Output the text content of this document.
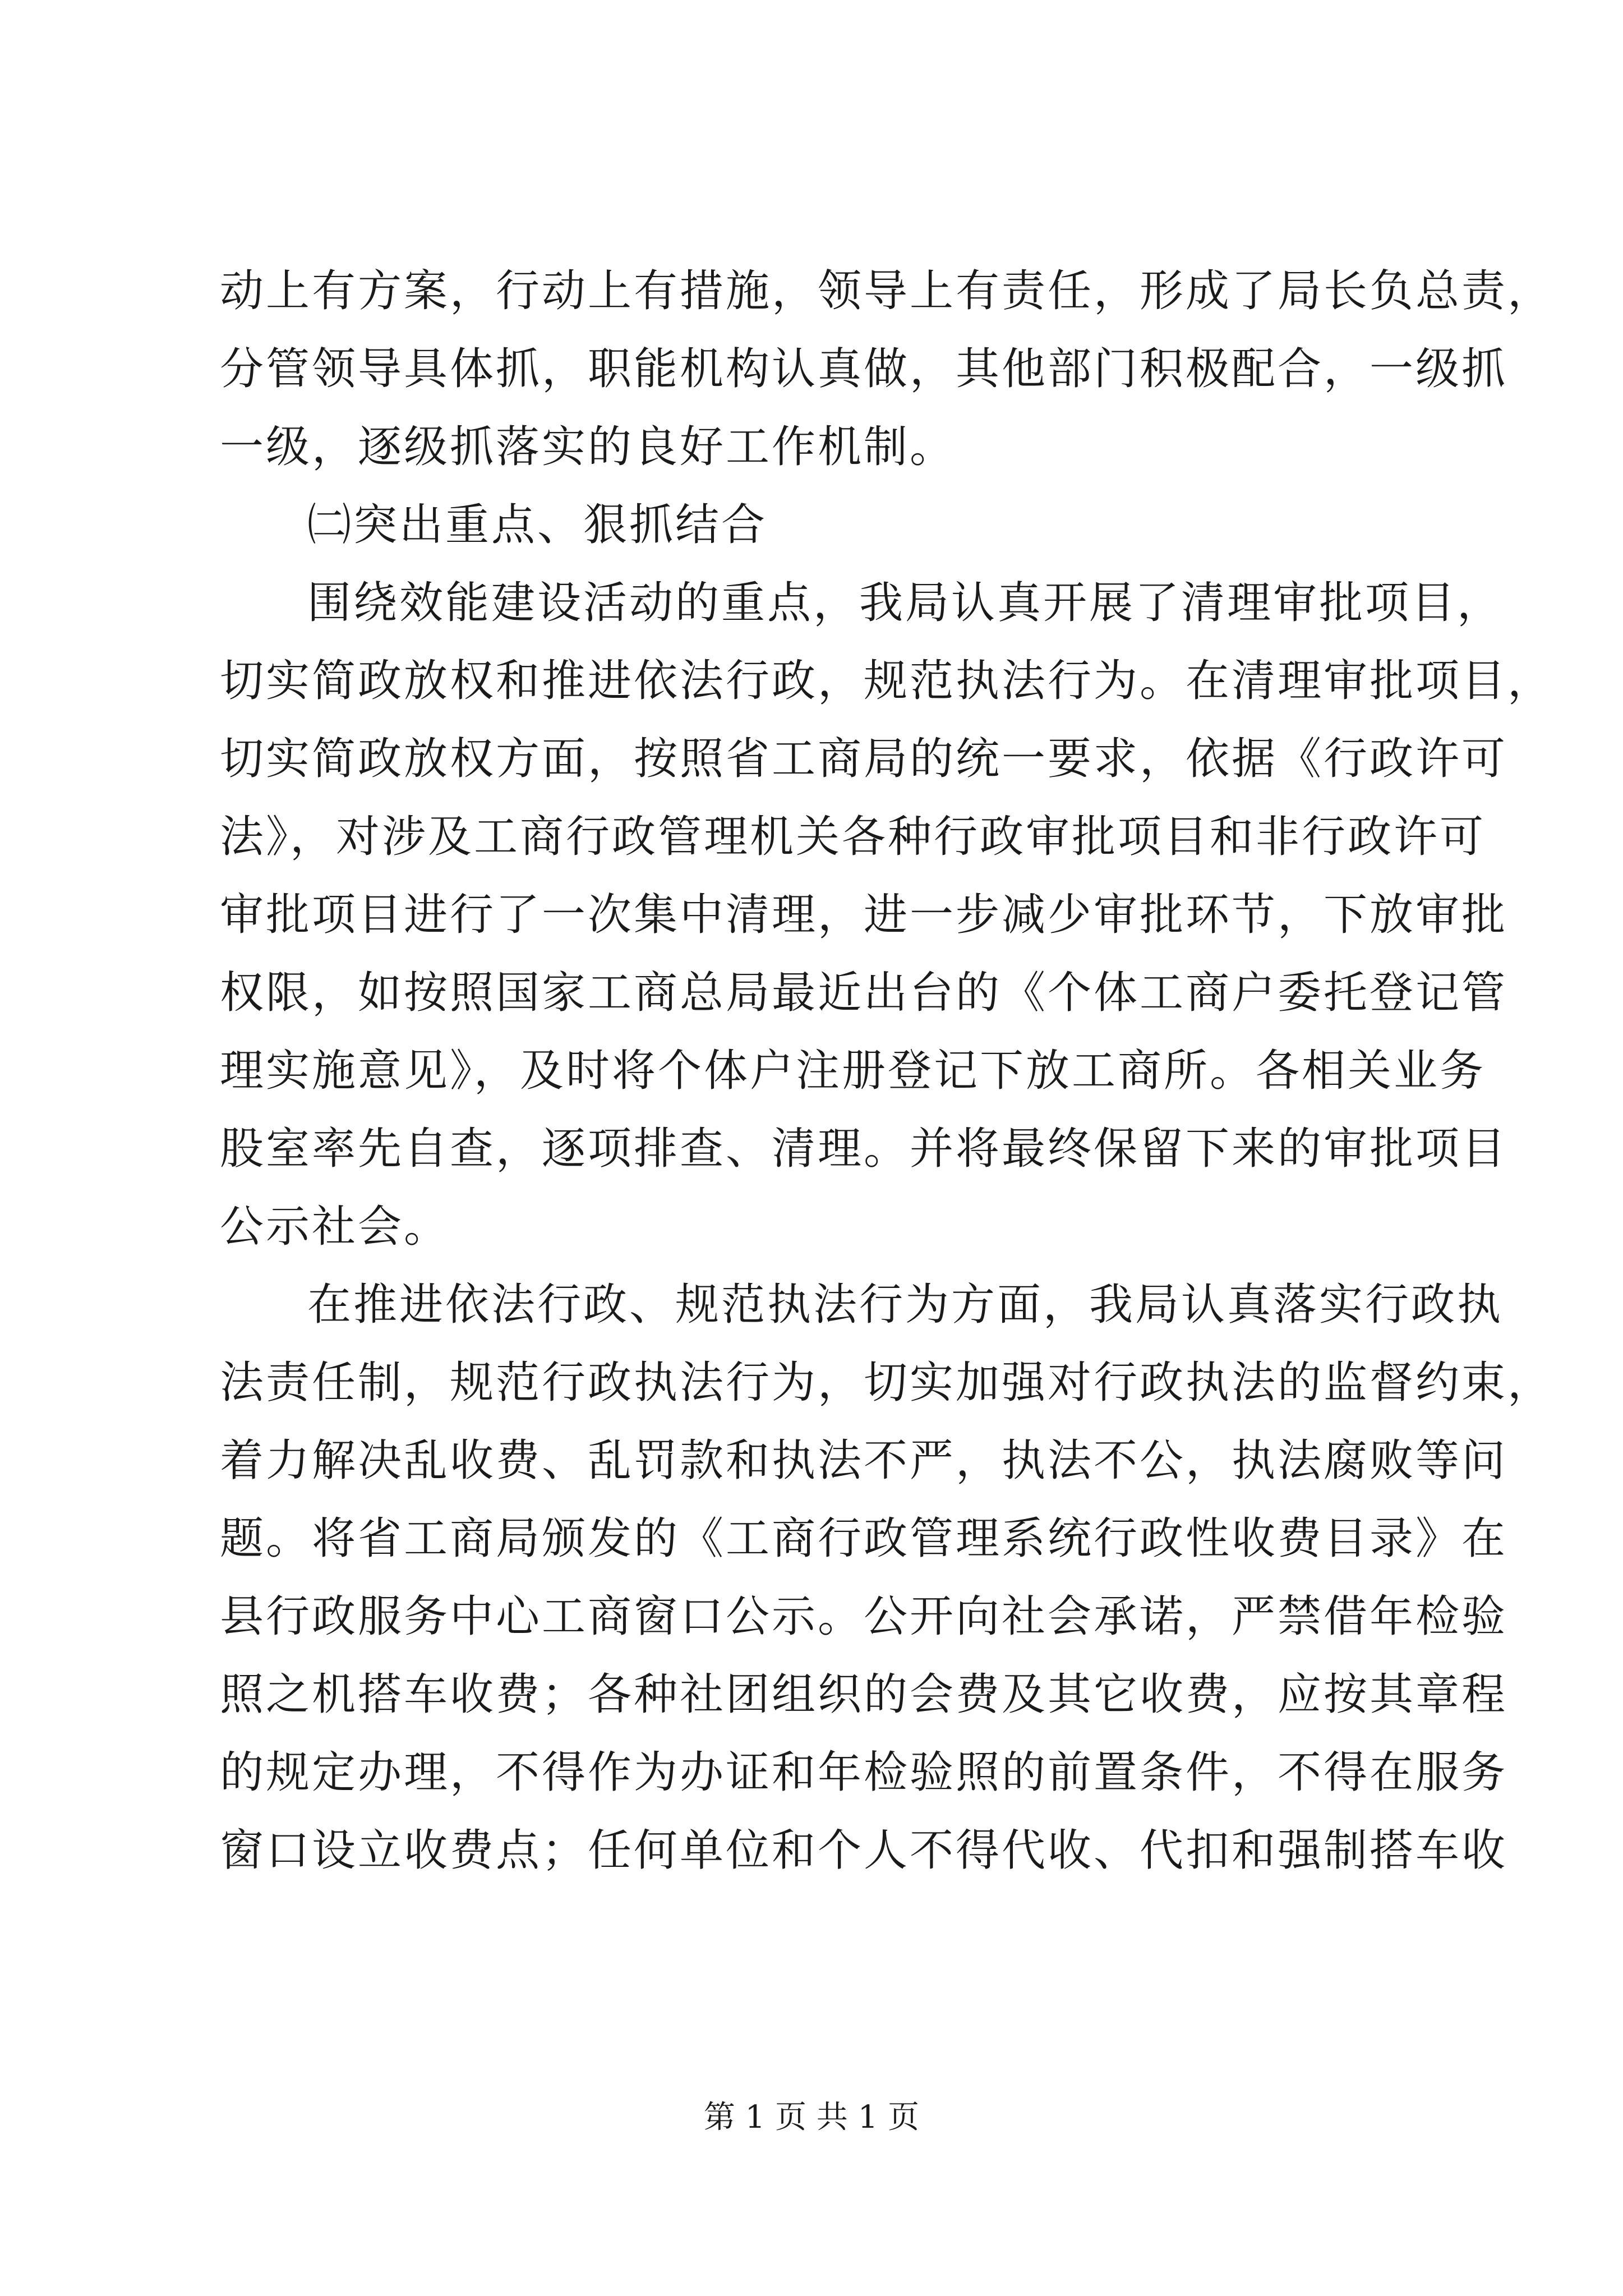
动上有方案，行动上有措施，领导上有责任，形成了局长负总责，
分管领导具体抓，职能机构认真做，其他部门积极配合，一级抓
一级，逐级抓落实的良好工作机制。
㈡突出重点、狠抓结合
围绕效能建设活动的重点，我局认真开展了清理审批项目，
切实简政放权和推进依法行政，规范执法行为。在清理审批项目，
切实简政放权方面，按照省工商局的统一要求，依据《行政许可
法》，对涉及工商行政管理机关各种行政审批项目和非行政许可
审批项目进行了一次集中清理，进一步减少审批环节，下放审批
权限，如按照国家工商总局最近出台的《个体工商户委托登记管
理实施意见》，及时将个体户注册登记下放工商所。各相关业务
股室率先自查，逐项排查、清理。并将最终保留下来的审批项目
公示社会。
在推进依法行政、规范执法行为方面，我局认真落实行政执
法责任制，规范行政执法行为，切实加强对行政执法的监督约束，
着力解决乱收费、乱罚款和执法不严，执法不公，执法腐败等问
题。将省工商局颁发的《工商行政管理系统行政性收费目录》在
县行政服务中心工商窗口公示。公开向社会承诺，严禁借年检验
照之机搭车收费；各种社团组织的会费及其它收费，应按其章程
的规定办理，不得作为办证和年检验照的前置条件，不得在服务
窗口设立收费点；任何单位和个人不得代收、代扣和强制搭车收
第 1 页 共 1 页
